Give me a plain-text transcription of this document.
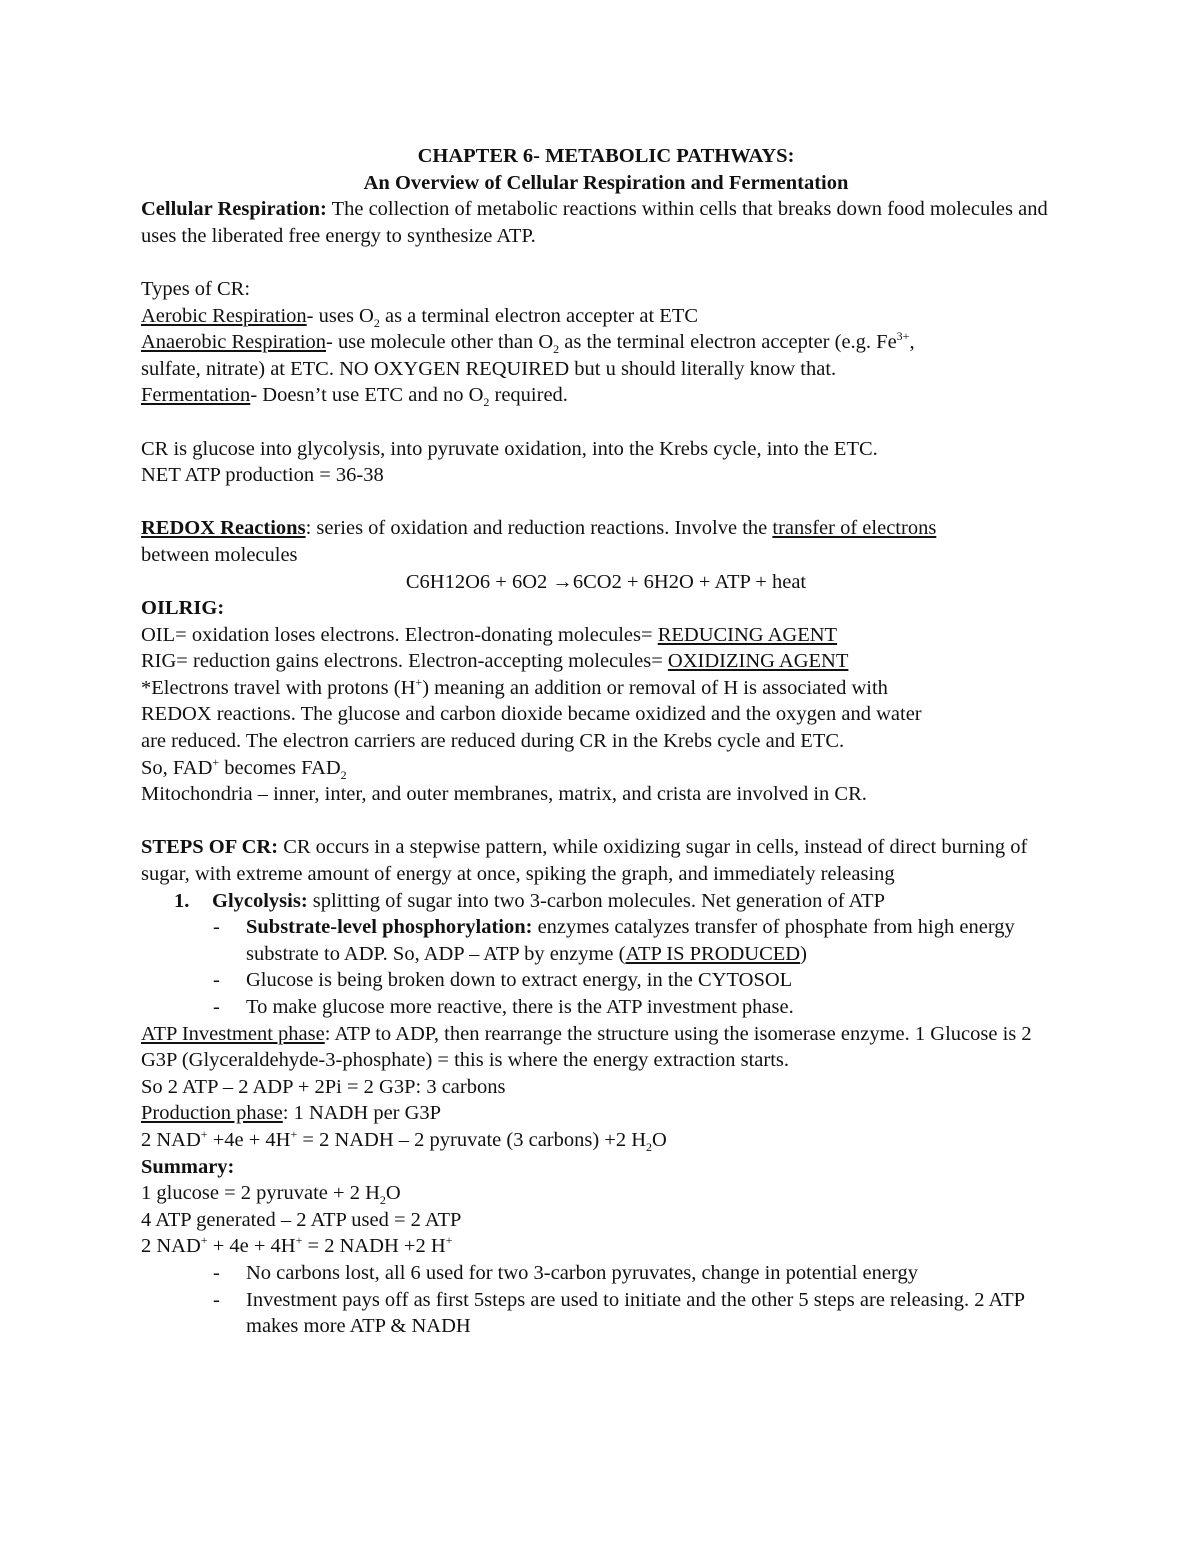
CHAPTER 6- METABOLIC PATHWAYS:

An Overview of Cellular Respiration and Fermentation

Cellular Respiration: The collection of metabolic reactions within cells that breaks down food molecules and uses the liberated free energy to synthesize ATP.

Types of CR:

Aerobic Respiration- uses $O_2$ as a terminal electron accepter at ETC

Anaerobic Respiration- use molecule other than $O_2$ as the terminal electron accepter (e.g. $Fe^{3+}$,

sulfate, nitrate) at ETC. NO OXYGEN REQUIRED but u should literally know that.

Fermentation- Doesn’t use ETC and no $O_2$ required.

CR is glucose into glycolysis, into pyruvate oxidation, into the Krebs cycle, into the ETC.

NET ATP production = 36-38

REDOX Reactions: series of oxidation and reduction reactions. Involve the transfer of electrons

between molecules

C6H12O6 + 6O2 →6CO2 + 6H2O + ATP + heat

OILRIG:

OIL= oxidation loses electrons. Electron-donating molecules= REDUCING AGENT

RIG= reduction gains electrons. Electron-accepting molecules= OXIDIZING AGENT

*Electrons travel with protons (H+) meaning an addition or removal of H is associated with

REDOX reactions. The glucose and carbon dioxide became oxidized and the oxygen and water

are reduced. The electron carriers are reduced during CR in the Krebs cycle and ETC.

So, FAD+ becomes $FAD_2$

Mitochondria – inner, inter, and outer membranes, matrix, and crista are involved in CR.

STEPS OF CR: CR occurs in a stepwise pattern, while oxidizing sugar in cells, instead of direct burning of sugar, with extreme amount of energy at once, spiking the graph, and immediately releasing

1. Glycolysis: splitting of sugar into two 3-carbon molecules. Net generation of ATP

- Substrate-level phosphorylation: enzymes catalyzes transfer of phosphate from high energy substrate to ADP. So, ADP – ATP by enzyme (ATP IS PRODUCED)

- Glucose is being broken down to extract energy, in the CYTOSOL

- To make glucose more reactive, there is the ATP investment phase.

ATP Investment phase: ATP to ADP, then rearrange the structure using the isomerase enzyme. 1 Glucose is 2 G3P (Glyceraldehyde-3-phosphate) = this is where the energy extraction starts.

So 2 ATP – 2 ADP + 2Pi = 2 G3P: 3 carbons

Production phase: 1 NADH per G3P

2 NAD+ +4e + 4H+ = 2 NADH – 2 pyruvate (3 carbons) +2 $H_2O$

Summary:

1 glucose = 2 pyruvate + 2 $H_2O$

4 ATP generated – 2 ATP used = 2 ATP

2 NAD+ + 4e + 4H+ = 2 NADH +2 H+

- No carbons lost, all 6 used for two 3-carbon pyruvates, change in potential energy

- Investment pays off as first 5steps are used to initiate and the other 5 steps are releasing. 2 ATP makes more ATP & NADH
